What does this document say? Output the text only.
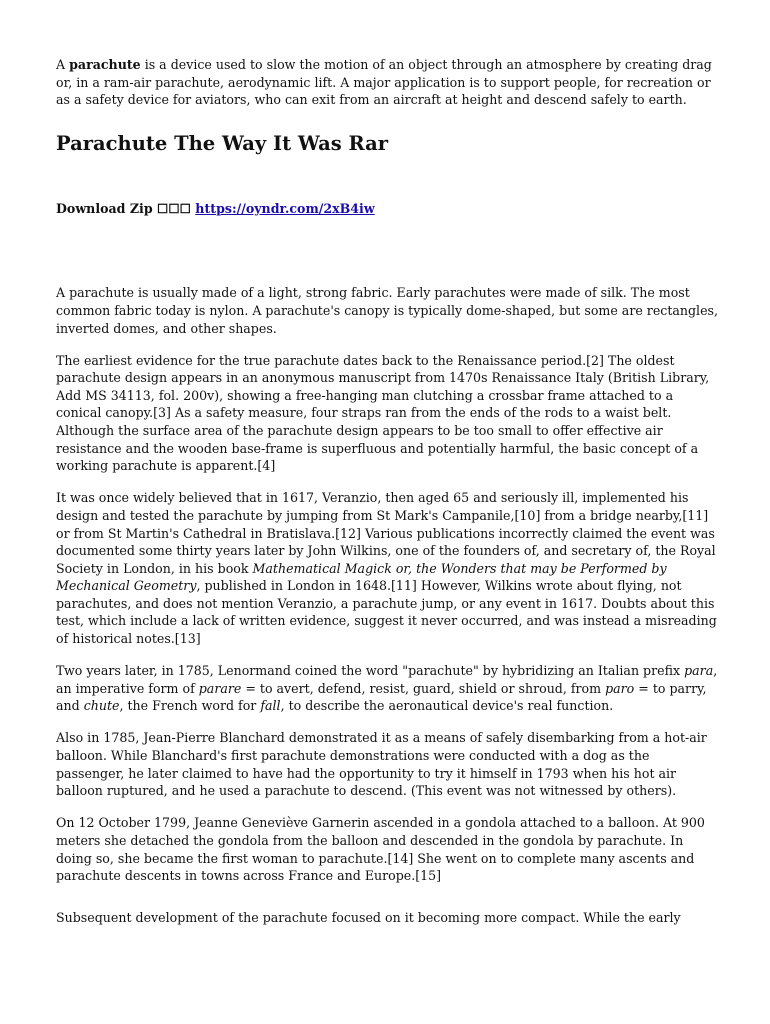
A parachute is a device used to slow the motion of an object through an atmosphere by creating drag or, in a ram-air parachute, aerodynamic lift. A major application is to support people, for recreation or as a safety device for aviators, who can exit from an aircraft at height and descend safely to earth.

Parachute The Way It Was Rar

Download Zip ☐☐☐ https://oyndr.com/2xB4iw

A parachute is usually made of a light, strong fabric. Early parachutes were made of silk. The most common fabric today is nylon. A parachute's canopy is typically dome-shaped, but some are rectangles, inverted domes, and other shapes.

The earliest evidence for the true parachute dates back to the Renaissance period.[2] The oldest parachute design appears in an anonymous manuscript from 1470s Renaissance Italy (British Library, Add MS 34113, fol. 200v), showing a free-hanging man clutching a crossbar frame attached to a conical canopy.[3] As a safety measure, four straps ran from the ends of the rods to a waist belt. Although the surface area of the parachute design appears to be too small to offer effective air resistance and the wooden base-frame is superfluous and potentially harmful, the basic concept of a working parachute is apparent.[4]

It was once widely believed that in 1617, Veranzio, then aged 65 and seriously ill, implemented his design and tested the parachute by jumping from St Mark's Campanile,[10] from a bridge nearby,[11] or from St Martin's Cathedral in Bratislava.[12] Various publications incorrectly claimed the event was documented some thirty years later by John Wilkins, one of the founders of, and secretary of, the Royal Society in London, in his book Mathematical Magick or, the Wonders that may be Performed by Mechanical Geometry, published in London in 1648.[11] However, Wilkins wrote about flying, not parachutes, and does not mention Veranzio, a parachute jump, or any event in 1617. Doubts about this test, which include a lack of written evidence, suggest it never occurred, and was instead a misreading of historical notes.[13]

Two years later, in 1785, Lenormand coined the word "parachute" by hybridizing an Italian prefix para, an imperative form of parare = to avert, defend, resist, guard, shield or shroud, from paro = to parry, and chute, the French word for fall, to describe the aeronautical device's real function.

Also in 1785, Jean-Pierre Blanchard demonstrated it as a means of safely disembarking from a hot-air balloon. While Blanchard's first parachute demonstrations were conducted with a dog as the passenger, he later claimed to have had the opportunity to try it himself in 1793 when his hot air balloon ruptured, and he used a parachute to descend. (This event was not witnessed by others).

On 12 October 1799, Jeanne Geneviève Garnerin ascended in a gondola attached to a balloon. At 900 meters she detached the gondola from the balloon and descended in the gondola by parachute. In doing so, she became the first woman to parachute.[14] She went on to complete many ascents and parachute descents in towns across France and Europe.[15]

Subsequent development of the parachute focused on it becoming more compact. While the early
